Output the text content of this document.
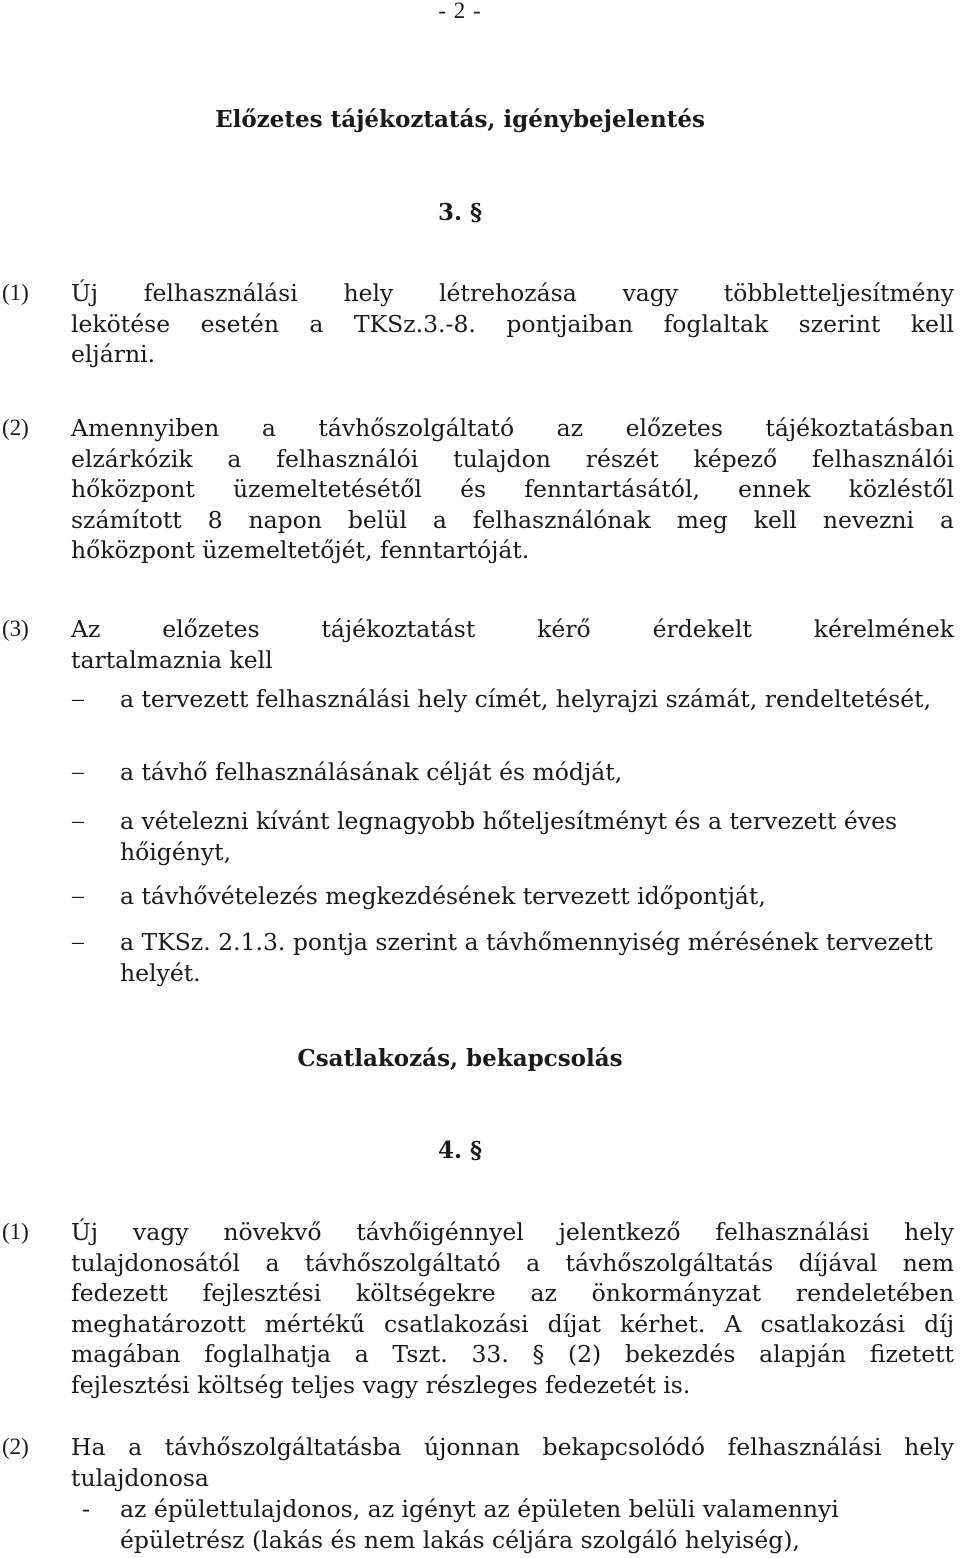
- 2 -
Előzetes tájékoztatás, igénybejelentés
3. §
(1) Új felhasználási hely létrehozása vagy többletteljesítmény
lekötése esetén a TKSz.3.-8. pontjaiban foglaltak szerint kell
eljárni.
(2) Amennyiben a távhőszolgáltató az előzetes tájékoztatásban
elzárkózik a felhasználói tulajdon részét képező felhasználói
hőközpont üzemeltetésétől és fenntartásától, ennek közléstől
számított 8 napon belül a felhasználónak meg kell nevezni a
hőközpont üzemeltetőjét, fenntartóját.
(3) Az előzetes tájékoztatást kérő érdekelt kérelmének
tartalmaznia kell
– a tervezett felhasználási hely címét, helyrajzi számát, rendeltetését,
– a távhő felhasználásának célját és módját,
– a vételezni kívánt legnagyobb hőteljesítményt és a tervezett éves hőigényt,
– a távhővételezés megkezdésének tervezett időpontját,
– a TKSz. 2.1.3. pontja szerint a távhőmennyiség mérésének tervezett helyét.
Csatlakozás, bekapcsolás
4. §
(1) Új vagy növekvő távhőigénnyel jelentkező felhasználási hely
tulajdonosától a távhőszolgáltató a távhőszolgáltatás díjával nem
fedezett fejlesztési költségekre az önkormányzat rendeletében
meghatározott mértékű csatlakozási díjat kérhet. A csatlakozási díj
magában foglalhatja a Tszt. 33. § (2) bekezdés alapján fizetett
fejlesztési költség teljes vagy részleges fedezetét is.
(2) Ha a távhőszolgáltatásba újonnan bekapcsolódó felhasználási hely
tulajdonosa
- az épülettulajdonos, az igényt az épületen belüli valamennyi épületrész (lakás és nem lakás céljára szolgáló helyiség),
